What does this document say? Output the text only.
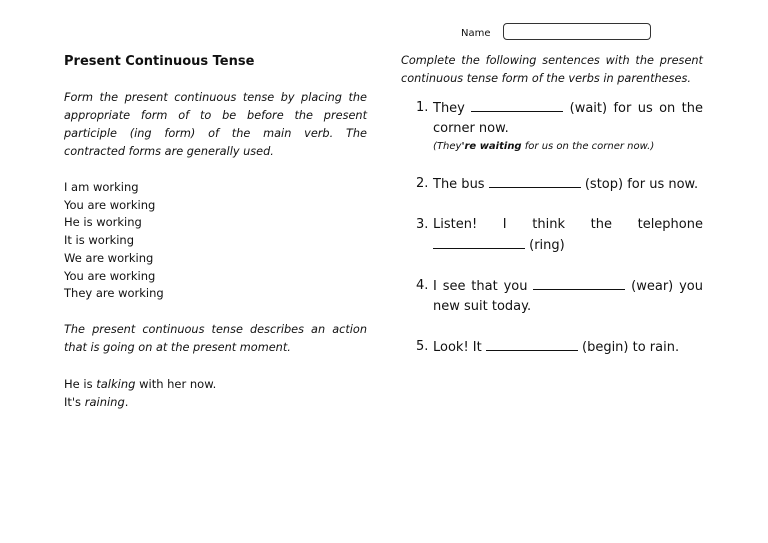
Name
Present Continuous Tense

Form the present continuous tense by placing the appropriate form of to be before the present participle (ing form) of the main verb. The contracted forms are generally used.

I am working
You are working
He is working
It is working
We are working
You are working
They are working

The present continuous tense describes an action that is going on at the present moment.

He is talking with her now.
It's raining.

Complete the following sentences with the present continuous tense form of the verbs in parentheses.

1. They	(wait) for us on the corner now.
(They're waiting for us on the corner now.)
2. The bus	(stop) for us now.
3. Listen! I think the telephone  (ring)
4. I see that you	(wear) you new suit today.
5. Look! It	(begin) to rain.
